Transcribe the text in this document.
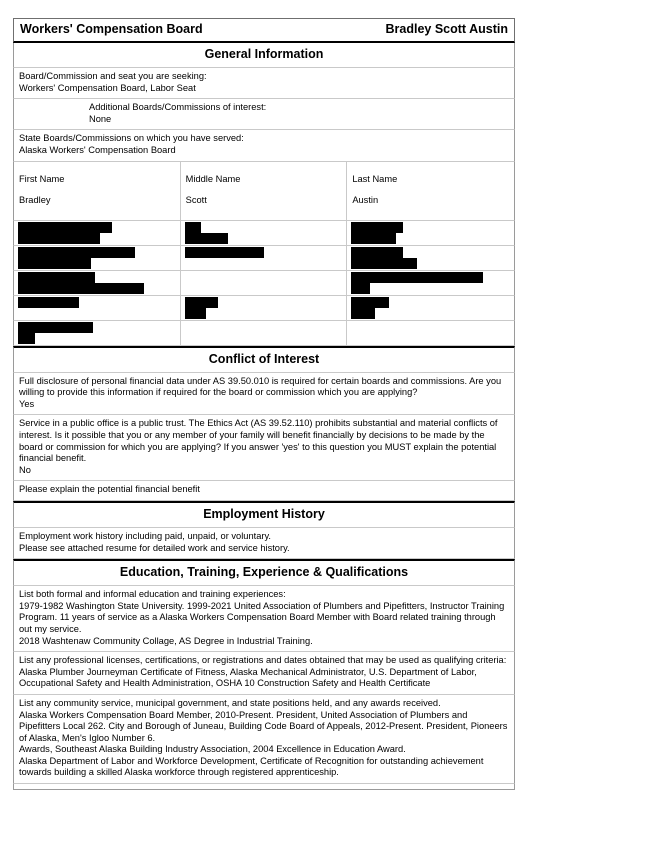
Workers' Compensation Board	Bradley Scott Austin
General Information

Board/Commission and seat you are seeking:

Workers' Compensation Board, Labor Seat

Additional Boards/Commissions of interest:

None

State Boards/Commissions on which you have served:

Alaska Workers' Compensation Board

First Name

Bradley

Middle Name

Scott

Last Name

Austin

Conflict of Interest

Full disclosure of personal financial data under AS 39.50.010 is required for certain boards and commissions. Are you willing to provide this information if required for the board or commission which you are applying?

Yes

Service in a public office is a public trust. The Ethics Act (AS 39.52.110) prohibits substantial and material conflicts of interest. Is it possible that you or any member of your family will benefit financially by decisions to be made by the board or commission for which you are applying? If you answer 'yes' to this question you MUST explain the potential financial benefit.

No

Please explain the potential financial benefit

Employment History

Employment work history including paid, unpaid, or voluntary.

Please see attached resume for detailed work and service history.

Education, Training, Experience & Qualifications

List both formal and informal education and training experiences:

1979-1982 Washington State University. 1999-2021 United Association of Plumbers and Pipefitters, Instructor Training Program. 11 years of service as a Alaska Workers Compensation Board Member with Board related training through out my service.

2018 Washtenaw Community Collage, AS Degree in Industrial Training.

List any professional licenses, certifications, or registrations and dates obtained that may be used as qualifying criteria:

Alaska Plumber Journeyman Certificate of Fitness, Alaska Mechanical Administrator, U.S. Department of Labor, Occupational Safety and Health Administration, OSHA 10 Construction Safety and Health Certificate

List any community service, municipal government, and state positions held, and any awards received.

Alaska Workers Compensation Board Member, 2010-Present. President, United Association of Plumbers and Pipefitters Local 262. City and Borough of Juneau, Building Code Board of Appeals, 2012-Present. President, Pioneers of Alaska, Men's Igloo Number 6.

Awards, Southeast Alaska Building Industry Association, 2004 Excellence in Education Award.

Alaska Department of Labor and Workforce Development, Certificate of Recognition for outstanding achievement towards building a skilled Alaska workforce through registered apprenticeship.
